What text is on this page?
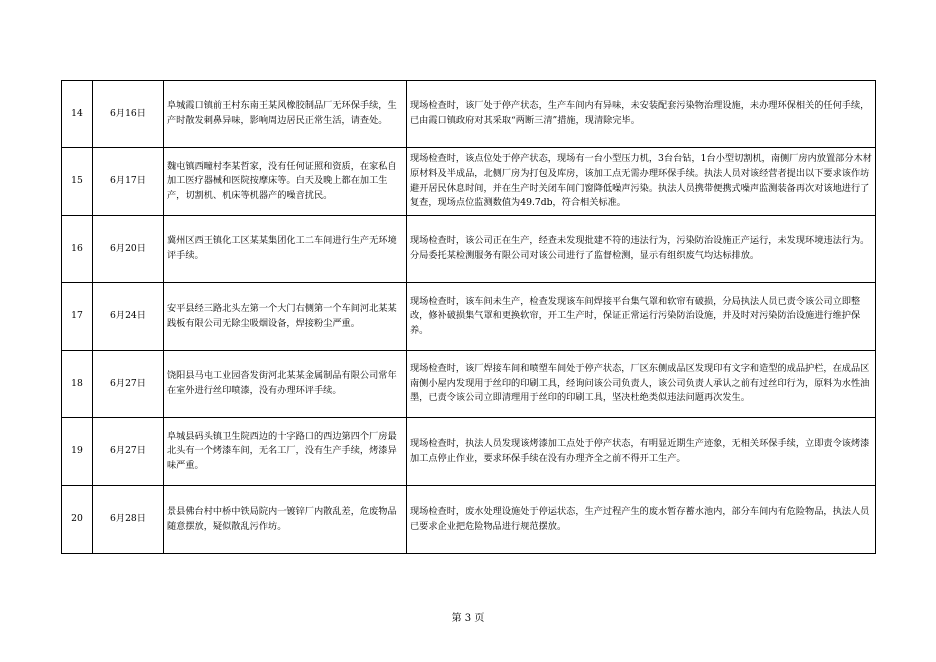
14	6月16日	阜城霞口镇前王村东南王某风橡胶制品厂无环保手续，生产时散发刺鼻异味，影响周边居民正常生活，请查处。	现场检查时，该厂处于停产状态，生产车间内有异味，未安装配套污染物治理设施，未办理环保相关的任何手续，已由霞口镇政府对其采取“两断三清”措施，现清除完毕。
15	6月17日	魏屯镇西疃村李某哲家，没有任何证照和资质，在家私自加工医疗器械和医院按摩床等。白天及晚上都在加工生产，切割机、机床等机器产的噪音扰民。	现场检查时，该点位处于停产状态，现场有一台小型压力机，3台台钻，1台小型切割机，南侧厂房内放置部分木材原材料及半成品，北侧厂房为打包及库房，该加工点无需办理环保手续。执法人员对该经营者提出以下要求该作坊避开居民休息时间，并在生产时关闭车间门窗降低噪声污染。执法人员携带便携式噪声监测装备再次对该地进行了复查，现场点位监测数值为49.7db，符合相关标准。
16	6月20日	冀州区西王镇化工区某某集团化工二车间进行生产无环境评手续。	现场检查时，该公司正在生产，经查未发现批建不符的违法行为，污染防治设施正产运行，未发现环境违法行为。分局委托某检测服务有限公司对该公司进行了监督检测，显示有组织废气均达标排放。
17	6月24日	安平县经三路北头左第一个大门右侧第一个车间河北某某践板有限公司无除尘吸烟设备，焊接粉尘严重。	现场检查时，该车间未生产，检查发现该车间焊接平台集气罩和软帘有破损，分局执法人员已责令该公司立即整改，修补破损集气罩和更换软帘，开工生产时，保证正常运行污染防治设施，并及时对污染防治设施进行维护保养。
18	6月27日	饶阳县马屯工业园沓发街河北某某金属制品有限公司常年在室外进行丝印喷漆，没有办理环评手续。	现场检查时，该厂焊接车间和喷塑车间处于停产状态，厂区东侧成品区发现印有文字和造型的成品护栏，在成品区南侧小屋内发现用于丝印的印刷工具，经询问该公司负责人，该公司负责人承认之前有过丝印行为，原料为水性油墨，已责令该公司立即清理用于丝印的印刷工具，坚决杜绝类似违法问题再次发生。
19	6月27日	阜城县码头镇卫生院西边的十字路口的西边第四个厂房最北头有一个烤漆车间，无名工厂，没有生产手续，烤漆异味严重。	现场检查时，执法人员发现该烤漆加工点处于停产状态，有明显近期生产迹象，无相关环保手续，立即责令该烤漆加工点停止作业，要求环保手续在没有办理齐全之前不得开工生产。
20	6月28日	景县佛台村中桥中铁局院内一镀锌厂内散乱差，危废物品随意摆放，疑似散乱污作坊。	现场检查时，废水处理设施处于停运状态，生产过程产生的废水暂存蓄水池内，部分车间内有危险物品，执法人员已要求企业把危险物品进行规范摆放。
第 3 页
